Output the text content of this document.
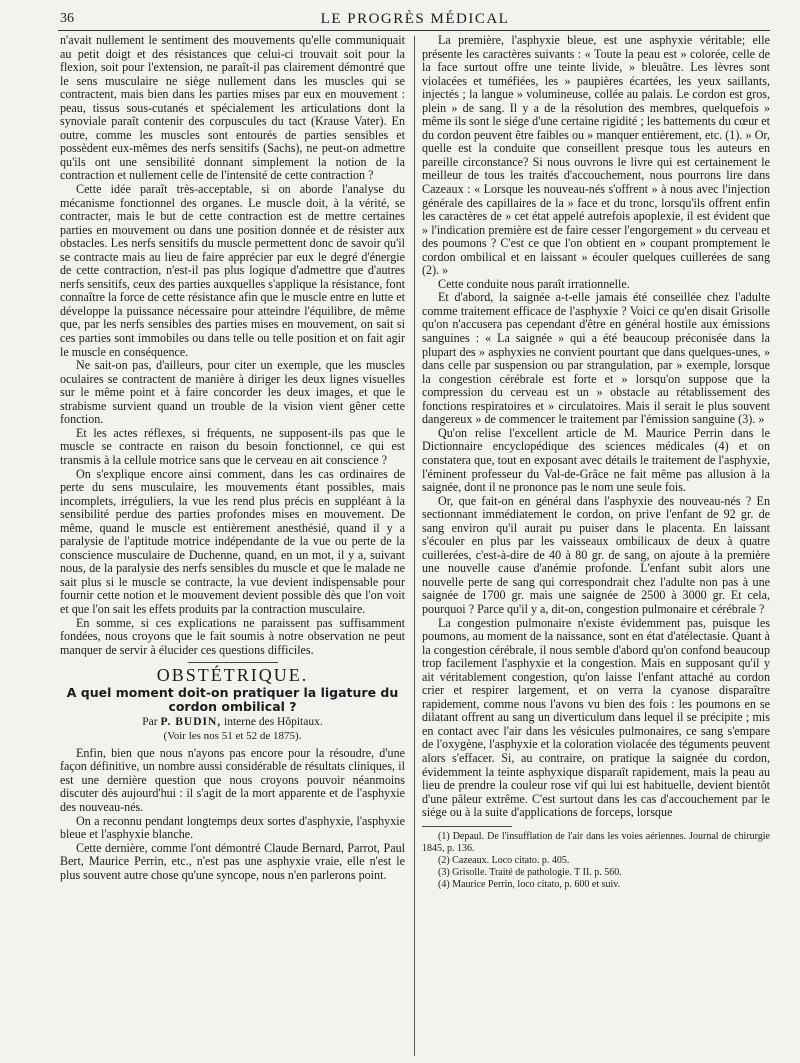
36	LE PROGRÈS MÉDICAL

n'avait nullement le sentiment des mouvements qu'elle communiquait au petit doigt et des résistances que celui-ci trouvait soit pour la flexion, soit pour l'extension, ne paraît-il pas clairement démontré que le sens musculaire ne siège nullement dans les muscles qui se contractent, mais bien dans les parties mises par eux en mouvement : peau, tissus sous-cutanés et spécialement les articulations dont la synoviale paraît contenir des corpuscules du tact (Krause Vater). En outre, comme les muscles sont entourés de parties sensibles et possèdent eux-mêmes des nerfs sensitifs (Sachs), ne peut-on admettre qu'ils ont une sensibilité donnant simplement la notion de la contraction et nullement celle de l'intensité de cette contraction ?

Cette idée paraît très-acceptable, si on aborde l'analyse du mécanisme fonctionnel des organes. Le muscle doit, à la vérité, se contracter, mais le but de cette contraction est de mettre certaines parties en mouvement ou dans une position donnée et de résister aux obstacles. Les nerfs sensitifs du muscle permettent donc de savoir qu'il se contracte mais au lieu de faire apprécier par eux le degré d'énergie de cette contraction, n'est-il pas plus logique d'admettre que d'autres nerfs sensitifs, ceux des parties auxquelles s'applique la résistance, font connaître la force de cette résistance afin que le muscle entre en lutte et développe la puissance nécessaire pour atteindre l'équilibre, de même que, par les nerfs sensibles des parties mises en mouvement, on sait si ces parties sont immobiles ou dans telle ou telle position et on fait agir le muscle en conséquence.

Ne sait-on pas, d'ailleurs, pour citer un exemple, que les muscles oculaires se contractent de manière à diriger les deux lignes visuelles sur le même point et à faire concorder les deux images, et que le strabisme survient quand un trouble de la vision vient gêner cette fonction.

Et les actes réflexes, si fréquents, ne supposent-ils pas que le muscle se contracte en raison du besoin fonctionnel, ce qui est transmis à la cellule motrice sans que le cerveau en ait conscience ?

On s'explique encore ainsi comment, dans les cas ordinaires de perte du sens musculaire, les mouvements étant possibles, mais incomplets, irréguliers, la vue les rend plus précis en suppléant à la sensibilité perdue des parties profondes mises en mouvement. De même, quand le muscle est entièrement anesthésié, quand il y a paralysie de l'aptitude motrice indépendante de la vue ou perte de la conscience musculaire de Duchenne, quand, en un mot, il y a, suivant nous, de la paralysie des nerfs sensibles du muscle et que le malade ne sait plus si le muscle se contracte, la vue devient indispensable pour fournir cette notion et le mouvement devient possible dès que l'on voit et que l'on sait les effets produits par la contraction musculaire.

En somme, si ces explications ne paraissent pas suffisamment fondées, nous croyons que le fait soumis à notre observation ne peut manquer de servir à élucider ces questions difficiles.

OBSTÉTRIQUE.
A quel moment doit-on pratiquer la ligature du cordon ombilical ?
Par P. BUDIN, interne des Hôpitaux.
(Voir les nos 51 et 52 de 1875).

Enfin, bien que nous n'ayons pas encore pour la résoudre, d'une façon définitive, un nombre aussi considérable de résultats cliniques, il est une dernière question que nous croyons pouvoir néanmoins discuter dès aujourd'hui : il s'agit de la mort apparente et de l'asphyxie des nouveau-nés.

On a reconnu pendant longtemps deux sortes d'asphyxie, l'asphyxie bleue et l'asphyxie blanche.

Cette dernière, comme l'ont démontré Claude Bernard, Parrot, Paul Bert, Maurice Perrin, etc., n'est pas une asphyxie vraie, elle n'est le plus souvent autre chose qu'une syncope, nous n'en parlerons point.

La première, l'asphyxie bleue, est une asphyxie véritable; elle présente les caractères suivants : « Toute la peau est » colorée, celle de la face surtout offre une teinte livide, » bleuâtre. Les lèvres sont violacées et tuméfiées, les » paupières écartées, les yeux saillants, injectés ; la langue » volumineuse, collée au palais. Le cordon est gros, plein » de sang. Il y a de la résolution des membres, quelquefois » même ils sont le siége d'une certaine rigidité ; les battements du cœur et du cordon peuvent être faibles ou » manquer entièrement, etc. (1). » Or, quelle est la conduite que conseillent presque tous les auteurs en pareille circonstance? Si nous ouvrons le livre qui est certainement le meilleur de tous les traités d'accouchement, nous pourrons lire dans Cazeaux : « Lorsque les nouveau-nés s'offrent » à nous avec l'injection générale des capillaires de la » face et du tronc, lorsqu'ils offrent enfin les caractères de » cet état appelé autrefois apoplexie, il est évident que » l'indication première est de faire cesser l'engorgement » du cerveau et des poumons ? C'est ce que l'on obtient en » coupant promptement le cordon ombilical et en laissant » écouler quelques cuillerées de sang (2). »

Cette conduite nous paraît irrationnelle.

Et d'abord, la saignée a-t-elle jamais été conseillée chez l'adulte comme traitement efficace de l'asphyxie ? Voici ce qu'en disait Grisolle qu'on n'accusera pas cependant d'être en général hostile aux émissions sanguines : « La saignée » qui a été beaucoup préconisée dans la plupart des » asphyxies ne convient pourtant que dans quelques-unes, » dans celle par suspension ou par strangulation, par » exemple, lorsque la congestion cérébrale est forte et » lorsqu'on suppose que la compression du cerveau est un » obstacle au rétablissement des fonctions respiratoires et » circulatoires. Mais il serait le plus souvent dangereux » de commencer le traitement par l'émission sanguine (3). »

Qu'on relise l'excellent article de M. Maurice Perrin dans le Dictionnaire encyclopédique des sciences médicales (4) et on constatera que, tout en exposant avec détails le traitement de l'asphyxie, l'éminent professeur du Val-de-Grâce ne fait même pas allusion à la saignée, dont il ne prononce pas le nom une seule fois.

Or, que fait-on en général dans l'asphyxie des nouveau-nés ? En sectionnant immédiatement le cordon, on prive l'enfant de 92 gr. de sang environ qu'il aurait pu puiser dans le placenta. En laissant s'écouler en plus par les vaisseaux ombilicaux de deux à quatre cuillerées, c'est-à-dire de 40 à 80 gr. de sang, on ajoute à la première une nouvelle cause d'anémie profonde. L'enfant subit alors une nouvelle perte de sang qui correspondrait chez l'adulte non pas à une saignée de 1700 gr. mais une saignée de 2500 à 3000 gr. Et cela, pourquoi ? Parce qu'il y a, dit-on, congestion pulmonaire et cérébrale ?

La congestion pulmonaire n'existe évidemment pas, puisque les poumons, au moment de la naissance, sont en état d'atélectasie. Quant à la congestion cérébrale, il nous semble d'abord qu'on confond beaucoup trop facilement l'asphyxie et la congestion. Mais en supposant qu'il y ait véritablement congestion, qu'on laisse l'enfant attaché au cordon crier et respirer largement, et on verra la cyanose disparaître rapidement, comme nous l'avons vu bien des fois : les poumons en se dilatant offrent au sang un diverticulum dans lequel il se précipite ; mis en contact avec l'air dans les vésicules pulmonaires, ce sang s'empare de l'oxygène, l'asphyxie et la coloration violacée des téguments peuvent alors s'effacer. Si, au contraire, on pratique la saignée du cordon, évidemment la teinte asphyxique disparaît rapidement, mais la peau au lieu de prendre la couleur rose vif qui lui est habituelle, devient bientôt d'une pâleur extrême. C'est surtout dans les cas d'accouchement par le siége ou à la suite d'applications de forceps, lorsque

(1) Depaul. De l'insufflation de l'air dans les voies aériennes. Journal de chirurgie 1845, p. 136.

(2) Cazeaux. Loco citato. p. 405.

(3) Grisolle. Traité de pathologie. T II. p. 560.

(4) Maurice Perrin, loco citato, p. 600 et suiv.
